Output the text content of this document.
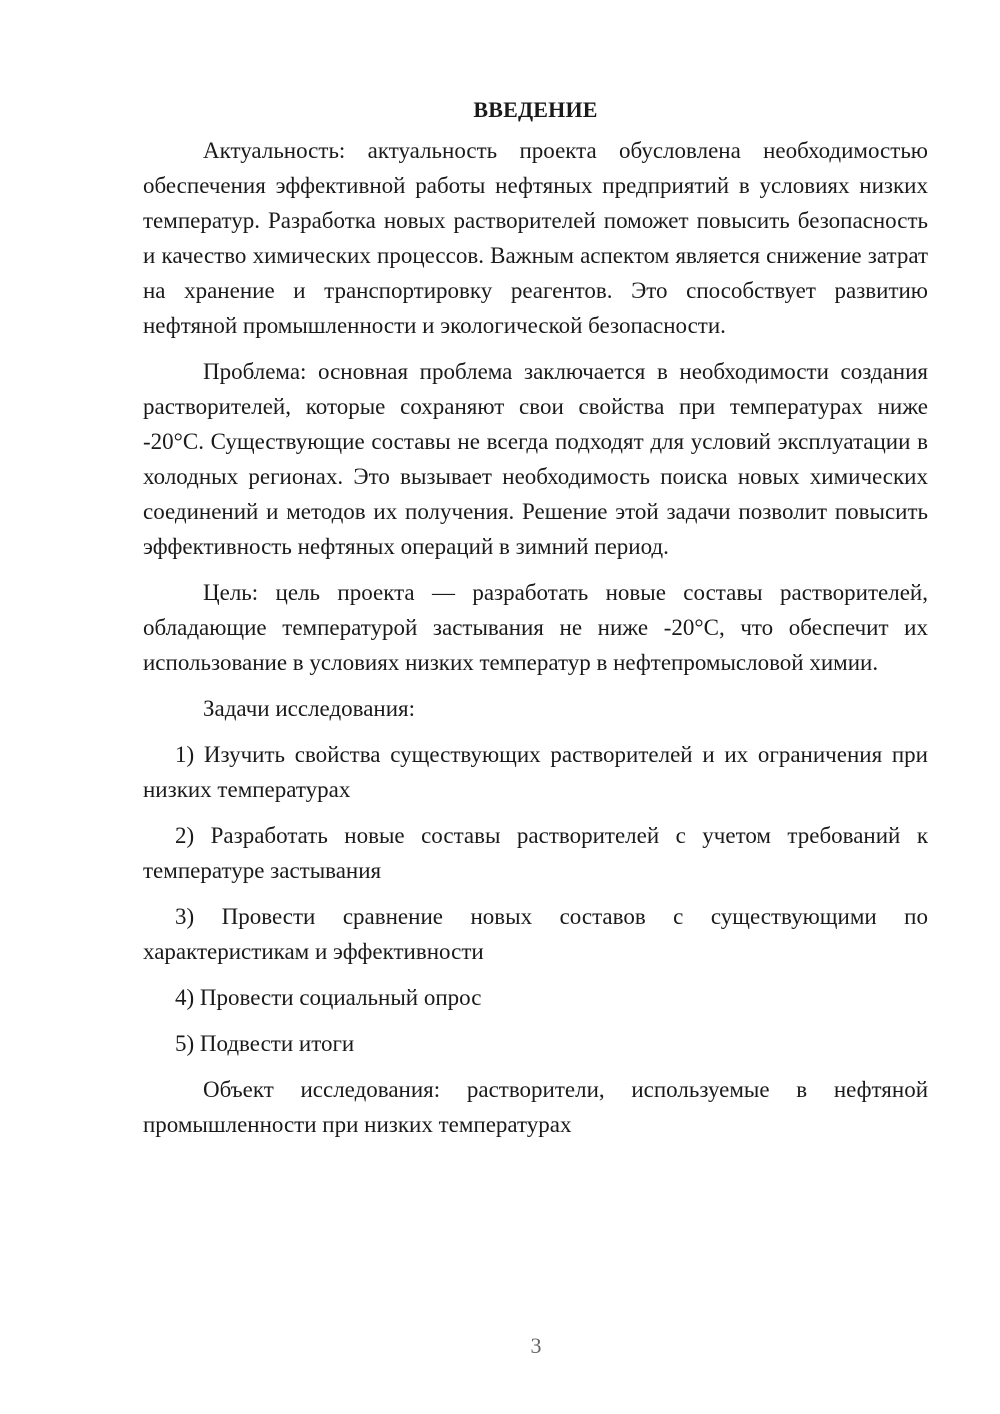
ВВЕДЕНИЕ

Актуальность: актуальность проекта обусловлена необходимостью обеспечения эффективной работы нефтяных предприятий в условиях низких температур. Разработка новых растворителей поможет повысить безопасность и качество химических процессов. Важным аспектом является снижение затрат на хранение и транспортировку реагентов. Это способствует развитию нефтяной промышленности и экологической безопасности.

Проблема: основная проблема заключается в необходимости создания растворителей, которые сохраняют свои свойства при температурах ниже -20°C. Существующие составы не всегда подходят для условий эксплуатации в холодных регионах. Это вызывает необходимость поиска новых химических соединений и методов их получения. Решение этой задачи позволит повысить эффективность нефтяных операций в зимний период.

Цель: цель проекта — разработать новые составы растворителей, обладающие температурой застывания не ниже -20°C, что обеспечит их использование в условиях низких температур в нефтепромысловой химии.

Задачи исследования:

1) Изучить свойства существующих растворителей и их ограничения при низких температурах

2) Разработать новые составы растворителей с учетом требований к температуре застывания

3) Провести сравнение новых составов с существующими по характеристикам и эффективности

4) Провести социальный опрос

5) Подвести итоги

Объект исследования: растворители, используемые в нефтяной промышленности при низких температурах

3
